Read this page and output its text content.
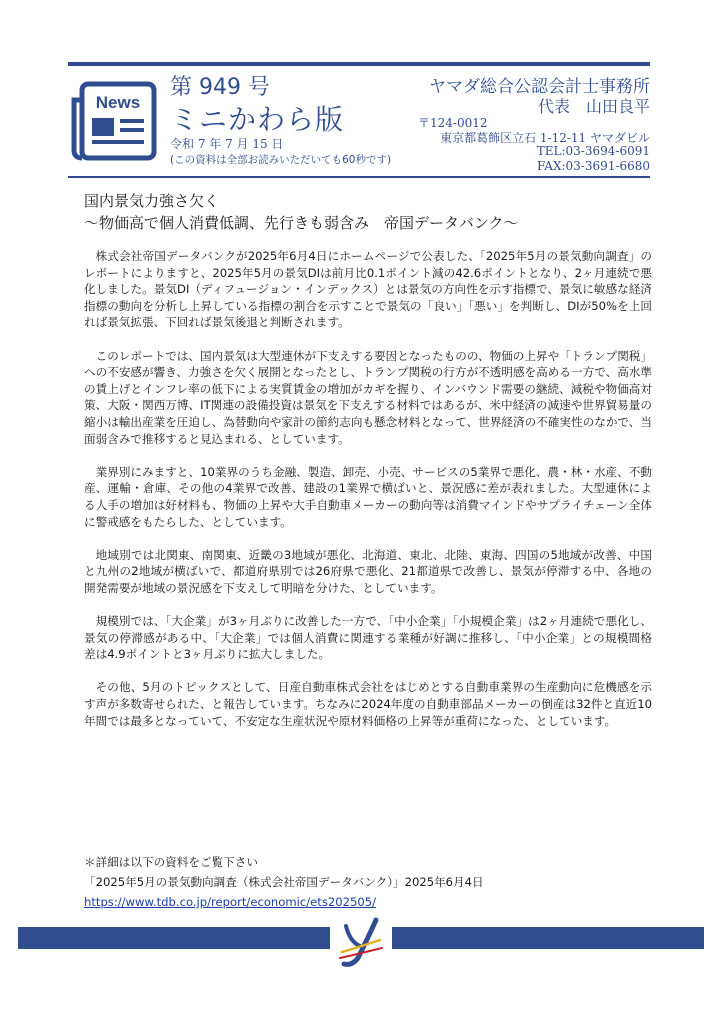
News
第 949 号
ミニかわら版
令和 7 年 7 月 15 日
(この資料は全部お読みいただいても60秒です)
ヤマダ総合公認会計士事務所
代表　山田良平
〒124-0012
東京都葛飾区立石 1-12-11 ヤマダビル
TEL:03-3694-6091
FAX:03-3691-6680
国内景気力強さ欠く
～物価高で個人消費低調、先行きも弱含み　帝国データバンク～

株式会社帝国データバンクが2025年6月4日にホームページで公表した、「2025年5月の景気動向調査」のレポートによりますと、2025年5月の景気DIは前月比0.1ポイント減の42.6ポイントとなり、2ヶ月連続で悪化しました。景気DI（ディフュージョン・インデックス）とは景気の方向性を示す指標で、景気に敏感な経済指標の動向を分析し上昇している指標の割合を示すことで景気の「良い」「悪い」を判断し、DIが50%を上回れば景気拡張、下回れば景気後退と判断されます。

このレポートでは、国内景気は大型連休が下支えする要因となったものの、物価の上昇や「トランプ関税」への不安感が響き、力強さを欠く展開となったとし、トランプ関税の行方が不透明感を高める一方で、高水準の賃上げとインフレ率の低下による実質賃金の増加がカギを握り、インバウンド需要の継続、減税や物価高対策、大阪・関西万博、IT関連の設備投資は景気を下支えする材料ではあるが、米中経済の減速や世界貿易量の縮小は輸出産業を圧迫し、為替動向や家計の節約志向も懸念材料となって、世界経済の不確実性のなかで、当面弱含みで推移すると見込まれる、としています。

業界別にみますと、10業界のうち金融、製造、卸売、小売、サービスの5業界で悪化、農・林・水産、不動産、運輸・倉庫、その他の4業界で改善、建設の1業界で横ばいと、景況感に差が表れました。大型連休による人手の増加は好材料も、物価の上昇や大手自動車メーカーの動向等は消費マインドやサプライチェーン全体に警戒感をもたらした、としています。

地域別では北関東、南関東、近畿の3地域が悪化、北海道、東北、北陸、東海、四国の5地域が改善、中国と九州の2地域が横ばいで、都道府県別では26府県で悪化、21都道県で改善し、景気が停滞する中、各地の開発需要が地域の景況感を下支えして明暗を分けた、としています。

規模別では、「大企業」が3ヶ月ぶりに改善した一方で、「中小企業」「小規模企業」は2ヶ月連続で悪化し、景気の停滞感がある中、「大企業」では個人消費に関連する業種が好調に推移し、「中小企業」との規模間格差は4.9ポイントと3ヶ月ぶりに拡大しました。

その他、5月のトピックスとして、日産自動車株式会社をはじめとする自動車業界の生産動向に危機感を示す声が多数寄せられた、と報告しています。ちなみに2024年度の自動車部品メーカーの倒産は32件と直近10年間では最多となっていて、不安定な生産状況や原材料価格の上昇等が重荷になった、としています。

＊詳細は以下の資料をご覧下さい
「2025年5月の景気動向調査（株式会社帝国データバンク）」2025年6月4日
https://www.tdb.co.jp/report/economic/ets202505/
